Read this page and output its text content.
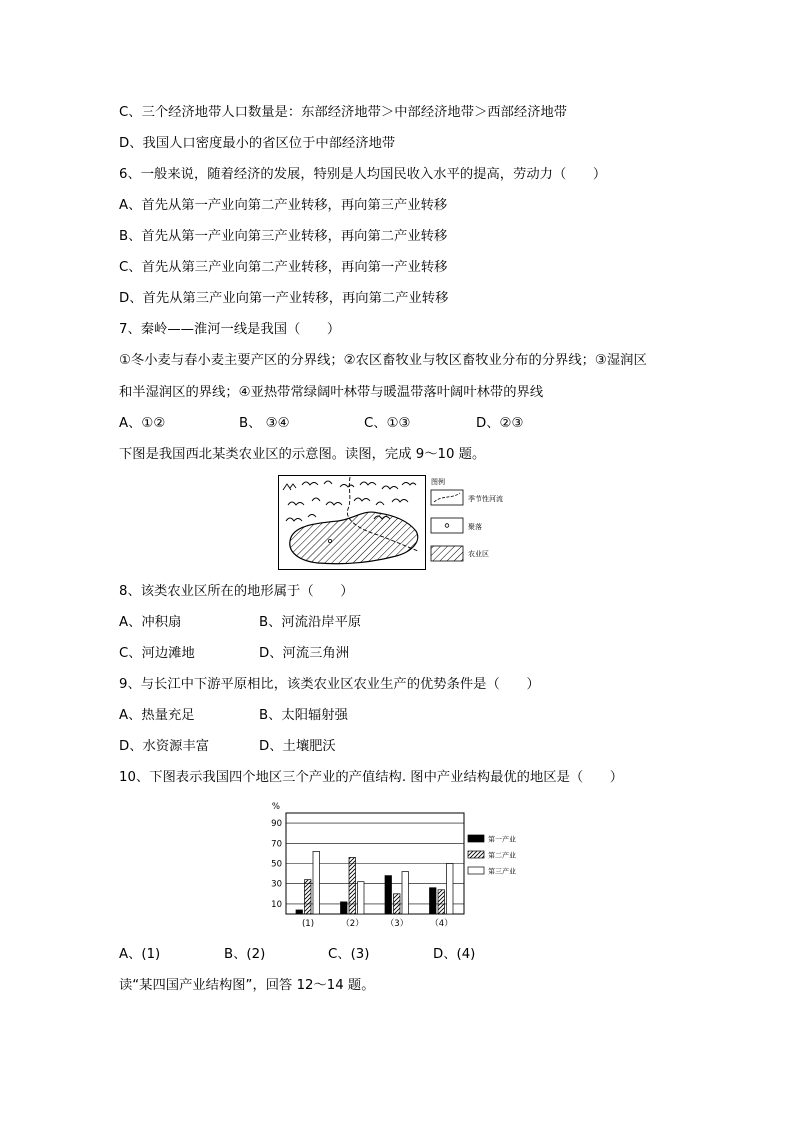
C、三个经济地带人口数量是：东部经济地带＞中部经济地带＞西部经济地带
D、我国人口密度最小的省区位于中部经济地带
6、一般来说，随着经济的发展，特别是人均国民收入水平的提高，劳动力（　　）
A、首先从第一产业向第二产业转移，再向第三产业转移
B、首先从第一产业向第三产业转移，再向第二产业转移
C、首先从第三产业向第二产业转移，再向第一产业转移
D、首先从第三产业向第一产业转移，再向第二产业转移
7、秦岭——淮河一线是我国（　　）
①冬小麦与春小麦主要产区的分界线；②农区畜牧业与牧区畜牧业分布的分界线；③湿润区
和半湿润区的界线；④亚热带常绿阔叶林带与暖温带落叶阔叶林带的界线
A、①②	B、 ③④	C、①③	D、②③
下图是我国西北某类农业区的示意图。读图，完成 9～10 题。
图例
季节性河流
聚落
农业区
8、该类农业区所在的地形属于（　　）
A、冲积扇	B、河流沿岸平原
C、河边滩地	D、河流三角洲
9、与长江中下游平原相比，该类农业区农业生产的优势条件是（　　）
A、热量充足	B、太阳辐射强
D、水资源丰富	D、土壤肥沃
10、下图表示我国四个地区三个产业的产值结构. 图中产业结构最优的地区是（　　）
10
30
50
70
90
%
(1)	（2）	（3）	（4）
第一产业
第二产业
第三产业
A、(1)	B、(2)	C、(3)	D、(4)
读“某四国产业结构图”，回答 12～14 题。
